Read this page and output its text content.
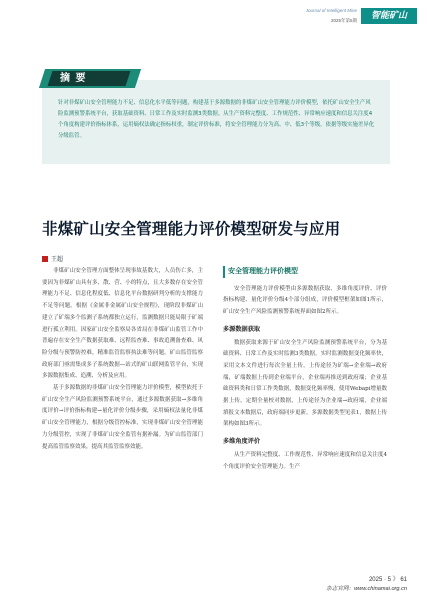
Journal of Intelligent Mine
2025年第5期	智能矿山
摘 要
针对非煤矿山安全管理能力不足、信息化水平低等问题，构建基于多源数据的非煤矿山安全管理能力评价模型，依托矿山安全生产风险监测预警系统平台，获取基础资料、日常工作及实时监测3类数据。从生产资料完整度、工作规范性、异常响应速度和信息关注度4个角度构建评价指标体系，运用熵权法确定指标权重，制定评价标准，将安全管理能力分为高、中、低3个等级，依据等级实施差异化分级监管。
非煤矿山安全管理能力评价模型研发与应用
王超

非煤矿山安全管理方面整体呈现事故基数大，人员伤亡多，主要因为非煤矿山具有多、散、营、小的特点，且大多数存在安全管理能力不足、信息化程度低、信息化平台数据研判分析的支撑能力不足等问题。根据《金属非金属矿山安全规程》，现阶段非煤矿山建立了矿端多个监测子系统都独立运行，监测数据只能局限于矿端进行孤立利用。因家矿山安全监察局各省局在非煤矿山监管工作中普遍存在安全生产数据获取难、远程监查难、事故追溯备查难、风险分级与预警防控难，精准监管监察执法难等问题。矿山监管监察政府部门亟需集成多子系统数据—站式的矿山联网监管平台，实现多源数据集成、追溯、分析及应用。

基于多源数据的非煤矿山安全管理能力评价模型，模型依托于矿山安全生产风险监测预警系统平台，通过多源数据获取→多维角度评价→评价指标构建→量化评价分级步骤，采用熵权法量化非煤矿山安全管理能力，根据分级管控标准，实现非煤矿山安全管理能力分级管控，实现了非煤矿山安全监管有据补漏。为矿山监管部门提高监管监察效果，提高其监管监察效能。

安全管理能力评价模型

安全管理能力评价模型由多源数据获取、多维角度评价、评价指标构建、量化评价分级4个部分组成，评价模型框架如图1所示，矿山安全生产风险监测预警系统界面如图2所示。

多源数据获取

数据获取来源于矿山安全生产风险监测预警系统平台，分为基础资料、日常工作及实时监测3类数据。实时监测数据变化频率快，采用文本文件进行每次全量上传，上传途径为矿端→企业端→政府端，矿端数据上传到企业端平台，企业端再推送到政府端；企业基础资料类和日常工作类数据，数据变化频率慢，使用Webapi增量数据上传，定期全量校对数据，上传途径为企业端→政府端，企业端填报文本数据后，政府端同步更新。多源数据类型见表1，数据上传架构如图3所示。

多维角度评价

从生产资料完整度、工作规范性、异常响应速度和信息关注度4个角度评价安全管理能力。生产

2025 · 5 》 61
杂志官网：www.chinamai.org.cn
